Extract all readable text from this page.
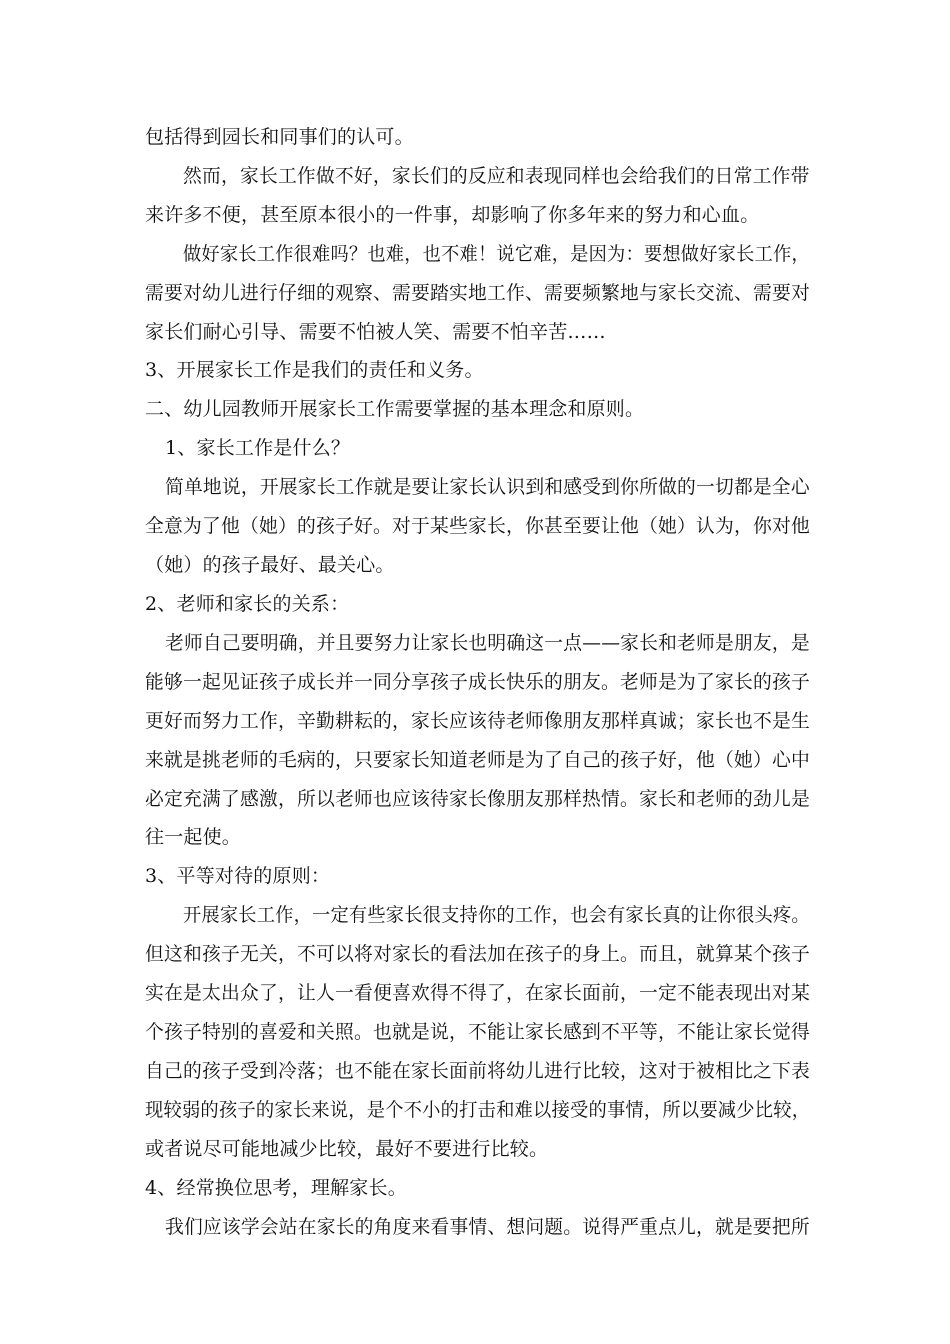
包括得到园长和同事们的认可。
然而，家长工作做不好，家长们的反应和表现同样也会给我们的日常工作带
来许多不便，甚至原本很小的一件事，却影响了你多年来的努力和心血。
做好家长工作很难吗？也难，也不难！说它难，是因为：要想做好家长工作，
需要对幼儿进行仔细的观察、需要踏实地工作、需要频繁地与家长交流、需要对
家长们耐心引导、需要不怕被人笑、需要不怕辛苦……
3、开展家长工作是我们的责任和义务。
二、幼儿园教师开展家长工作需要掌握的基本理念和原则。
1、家长工作是什么？
简单地说，开展家长工作就是要让家长认识到和感受到你所做的一切都是全心
全意为了他（她）的孩子好。对于某些家长，你甚至要让他（她）认为，你对他
（她）的孩子最好、最关心。
2、老师和家长的关系：
老师自己要明确，并且要努力让家长也明确这一点——家长和老师是朋友，是
能够一起见证孩子成长并一同分享孩子成长快乐的朋友。老师是为了家长的孩子
更好而努力工作，辛勤耕耘的，家长应该待老师像朋友那样真诚；家长也不是生
来就是挑老师的毛病的，只要家长知道老师是为了自己的孩子好，他（她）心中
必定充满了感激，所以老师也应该待家长像朋友那样热情。家长和老师的劲儿是
往一起使。
3、平等对待的原则：
开展家长工作，一定有些家长很支持你的工作，也会有家长真的让你很头疼。
但这和孩子无关，不可以将对家长的看法加在孩子的身上。而且，就算某个孩子
实在是太出众了，让人一看便喜欢得不得了，在家长面前，一定不能表现出对某
个孩子特别的喜爱和关照。也就是说，不能让家长感到不平等，不能让家长觉得
自己的孩子受到冷落；也不能在家长面前将幼儿进行比较，这对于被相比之下表
现较弱的孩子的家长来说，是个不小的打击和难以接受的事情，所以要减少比较，
或者说尽可能地减少比较，最好不要进行比较。
4、经常换位思考，理解家长。
我们应该学会站在家长的角度来看事情、想问题。说得严重点儿，就是要把所
